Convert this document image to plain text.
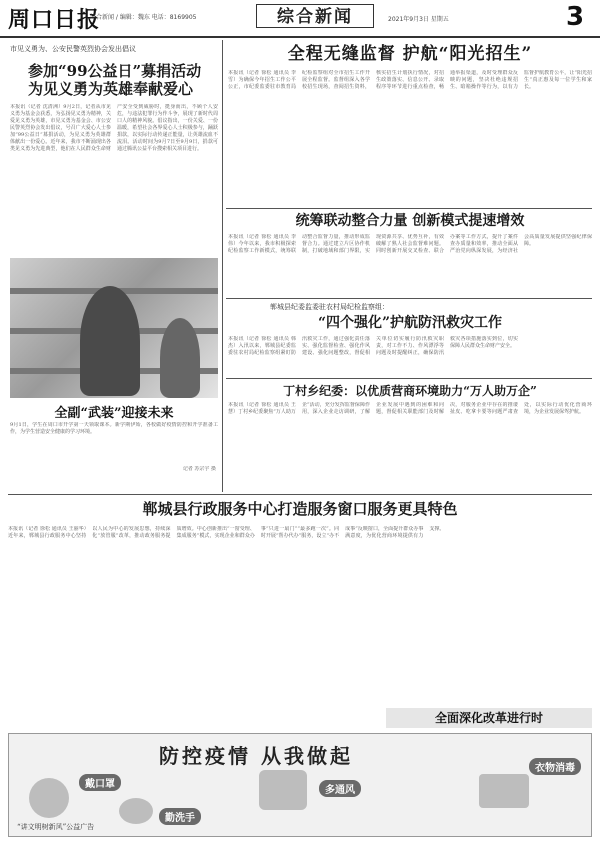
周口日报
综合新闻 / 编辑：魏东 电话：8169905	综合新闻	2021年9月3日 星期五	3
市见义勇为、公安民警英烈协会发出倡议
参加“99公益日”募捐活动
为见义勇为英雄奉献爱心
本报讯（记者 沈清洲）9月2日，记者从市见义勇为基金会获悉，为弘扬见义勇为精神，关爱见义勇为英雄，市见义勇为基金会、市公安民警英烈协会发出倡议，号召广大爱心人士参加“99公益日”募捐活动，为见义勇为英雄群体献出一份爱心。近年来，我市不断涌现出各类见义勇为先进典型，他们在人民群众生命财产安全受到威胁时，挺身而出，不顾个人安危，与违法犯罪行为作斗争，展现了新时代周口人的精神风貌。倡议指出，一份关爱、一份温暖，希望社会各界爱心人士积极参与，踊跃捐款，以实际行动传递正能量，让英雄流血不流泪。活动时间为9月7日至9月9日，捐款可通过腾讯公益平台搜索相关项目进行。
全副“武装”迎接未来
9月1日，学生在周口市开学第一天领取课本。新学期伊始，各校做好疫情防控和开学准备工作，为学生营造安全健康的学习环境。
记者 苏宗宇 摄
全程无缝监督 护航“阳光招生”
本报讯（记者 徐松 通讯员 李雪）为确保今年招生工作公平公正，市纪委监委驻市教育局纪检监察组对全市招生工作开展全程监督。监督组深入各学校招生现场，查阅招生资料，核实招生计划执行情况，对招生政策落实、信息公开、录取程序等环节进行重点检查，畅通举报渠道，及时受理群众反映的问题，坚决杜绝违规招生、暗箱操作等行为，以有力监督护航教育公平，让“阳光招生”真正惠及每一位学生和家长。
统筹联动整合力量 创新模式提速增效
本报讯（记者 徐松 通讯员 李伟）今年以来，我市积极探索纪检监察工作新模式，统筹联动整合监督力量，推动形成监督合力。通过建立片区协作机制，打破地域和部门界限，实现资源共享、优势互补，有效破解了熟人社会监督难问题。同时创新开展交叉检查、联合办案等工作方式，提升了案件查办质量和效率，推动全面从严治党向纵深发展，为经济社会高质量发展提供坚强纪律保障。
郸城县纪委监委驻农村局纪检监察组：
“四个强化”护航防汛救灾工作
本报讯（记者 徐松 通讯员 韩杰）入汛以来，郸城县纪委监委驻农村局纪检监察组紧盯防汛救灾工作，通过强化责任落实、强化监督检查、强化作风建设、强化问题整改，督促相关单位切实履行防汛救灾职责，对工作不力、作风漂浮等问题及时提醒纠正，确保防汛救灾各项措施落实到位，切实保障人民群众生命财产安全。
丁村乡纪委：以优质营商环境助力“万人助万企”
本报讯（记者 徐松 通讯员 王慧）丁村乡纪委聚焦“万人助万企”活动，充分发挥监督保障作用，深入企业走访调研，了解企业发展中遇到的困难和问题，督促相关职能部门及时解决，对服务企业中存在的推诿扯皮、吃拿卡要等问题严肃查处，以实际行动优化营商环境，为企业发展保驾护航。
郸城县行政服务中心打造服务窗口服务更具特色
本报讯（记者 徐松 通讯员 王丽华）近年来，郸城县行政服务中心坚持以人民为中心的发展思想，持续深化“放管服”改革，推动政务服务提质增效。中心创新推出“一窗受理、集成服务”模式，实现企业和群众办事“只进一扇门”“最多跑一次”。同时开展“帮办代办”服务，设立“办不成事”反映窗口，全面提升群众办事满意度，为优化营商环境提供有力支撑。
全面深化改革进行时
防控疫情 从我做起
戴口罩
多通风
衣物消毒
勤洗手
“讲文明树新风”公益广告
